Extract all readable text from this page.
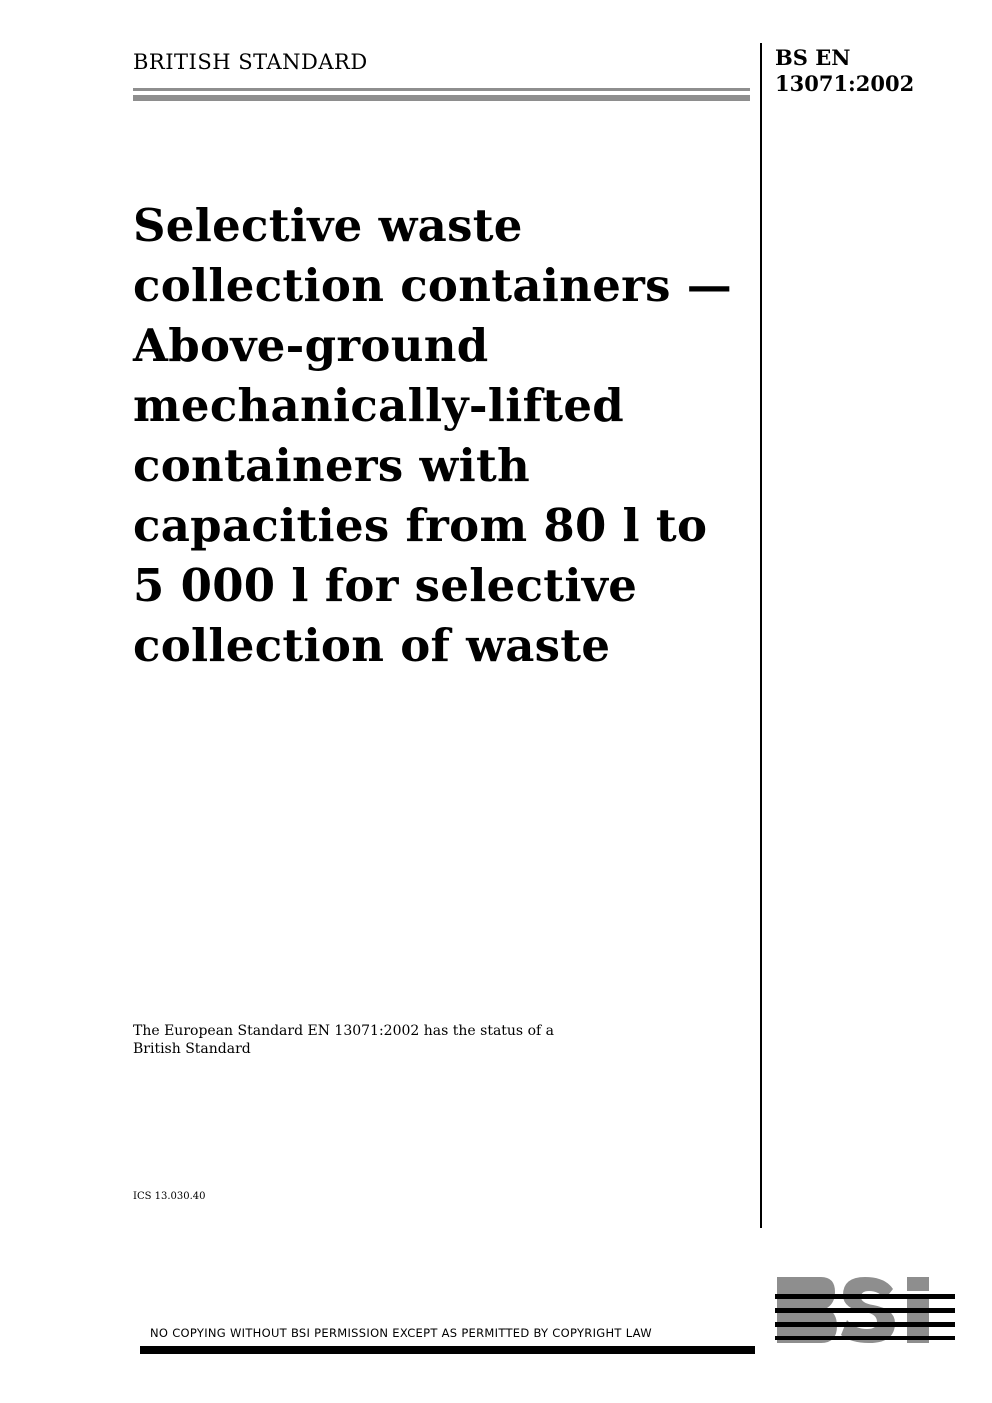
BRITISH STANDARD	BS EN
13071:2002
Selective waste
collection containers —
Above-ground
mechanically-lifted
containers with
capacities from 80 l to
5 000 l for selective
collection of waste
The European Standard EN 13071:2002 has the status of a
British Standard
ICS 13.030.40
NO COPYING WITHOUT BSI PERMISSION EXCEPT AS PERMITTED BY COPYRIGHT LAW
